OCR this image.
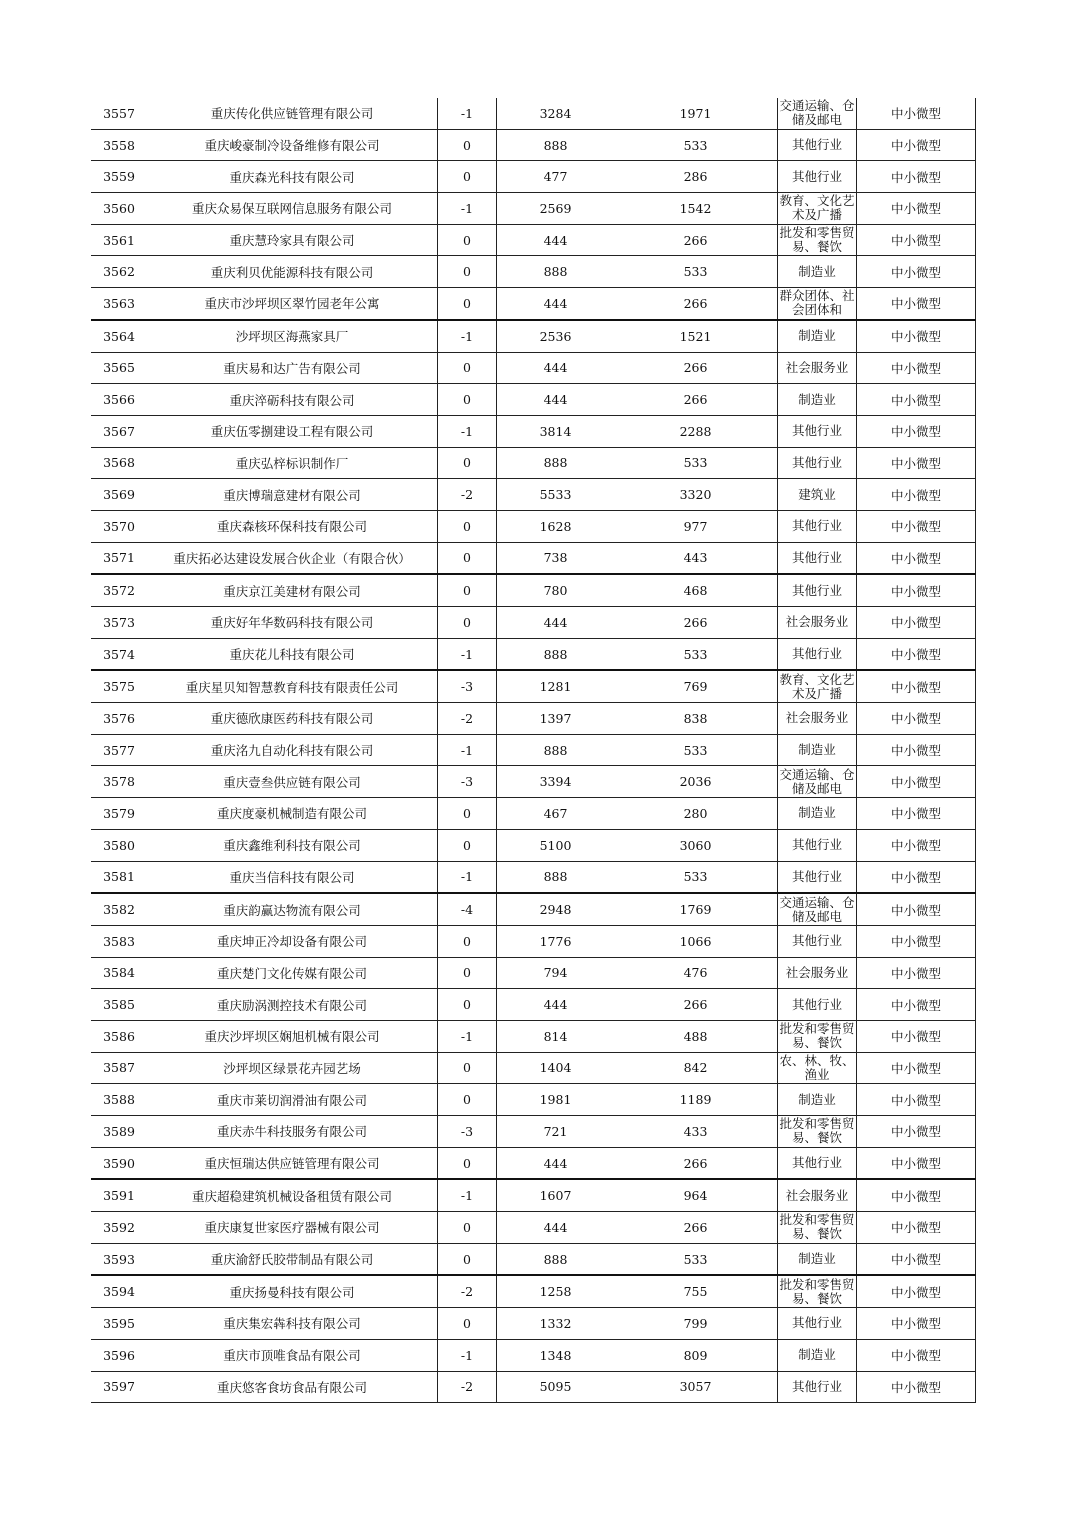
3557	重庆传化供应链管理有限公司	-1	3284	1971	交通运输、仓储及邮电	中小微型
3558	重庆峻豪制冷设备维修有限公司	0	888	533	其他行业	中小微型
3559	重庆森光科技有限公司	0	477	286	其他行业	中小微型
3560	重庆众易保互联网信息服务有限公司	-1	2569	1542	教育、文化艺术及广播	中小微型
3561	重庆慧玲家具有限公司	0	444	266	批发和零售贸易、餐饮	中小微型
3562	重庆利贝优能源科技有限公司	0	888	533	制造业	中小微型
3563	重庆市沙坪坝区翠竹园老年公寓	0	444	266	群众团体、社会团体和	中小微型
3564	沙坪坝区海燕家具厂	-1	2536	1521	制造业	中小微型
3565	重庆易和达广告有限公司	0	444	266	社会服务业	中小微型
3566	重庆淬砺科技有限公司	0	444	266	制造业	中小微型
3567	重庆伍零捌建设工程有限公司	-1	3814	2288	其他行业	中小微型
3568	重庆弘梓标识制作厂	0	888	533	其他行业	中小微型
3569	重庆博瑞意建材有限公司	-2	5533	3320	建筑业	中小微型
3570	重庆森核环保科技有限公司	0	1628	977	其他行业	中小微型
3571	重庆拓必达建设发展合伙企业（有限合伙）	0	738	443	其他行业	中小微型
3572	重庆京江美建材有限公司	0	780	468	其他行业	中小微型
3573	重庆好年华数码科技有限公司	0	444	266	社会服务业	中小微型
3574	重庆花儿科技有限公司	-1	888	533	其他行业	中小微型
3575	重庆星贝知智慧教育科技有限责任公司	-3	1281	769	教育、文化艺术及广播	中小微型
3576	重庆德欣康医药科技有限公司	-2	1397	838	社会服务业	中小微型
3577	重庆洺九自动化科技有限公司	-1	888	533	制造业	中小微型
3578	重庆壹叁供应链有限公司	-3	3394	2036	交通运输、仓储及邮电	中小微型
3579	重庆度豪机械制造有限公司	0	467	280	制造业	中小微型
3580	重庆鑫维利科技有限公司	0	5100	3060	其他行业	中小微型
3581	重庆当信科技有限公司	-1	888	533	其他行业	中小微型
3582	重庆韵赢达物流有限公司	-4	2948	1769	交通运输、仓储及邮电	中小微型
3583	重庆坤正冷却设备有限公司	0	1776	1066	其他行业	中小微型
3584	重庆楚门文化传媒有限公司	0	794	476	社会服务业	中小微型
3585	重庆励涡测控技术有限公司	0	444	266	其他行业	中小微型
3586	重庆沙坪坝区娴旭机械有限公司	-1	814	488	批发和零售贸易、餐饮	中小微型
3587	沙坪坝区绿景花卉园艺场	0	1404	842	农、林、牧、渔业	中小微型
3588	重庆市莱切润滑油有限公司	0	1981	1189	制造业	中小微型
3589	重庆赤牛科技服务有限公司	-3	721	433	批发和零售贸易、餐饮	中小微型
3590	重庆恒瑞达供应链管理有限公司	0	444	266	其他行业	中小微型
3591	重庆超稳建筑机械设备租赁有限公司	-1	1607	964	社会服务业	中小微型
3592	重庆康复世家医疗器械有限公司	0	444	266	批发和零售贸易、餐饮	中小微型
3593	重庆渝舒氏胶带制品有限公司	0	888	533	制造业	中小微型
3594	重庆扬曼科技有限公司	-2	1258	755	批发和零售贸易、餐饮	中小微型
3595	重庆集宏犇科技有限公司	0	1332	799	其他行业	中小微型
3596	重庆市顶唯食品有限公司	-1	1348	809	制造业	中小微型
3597	重庆悠客食坊食品有限公司	-2	5095	3057	其他行业	中小微型
